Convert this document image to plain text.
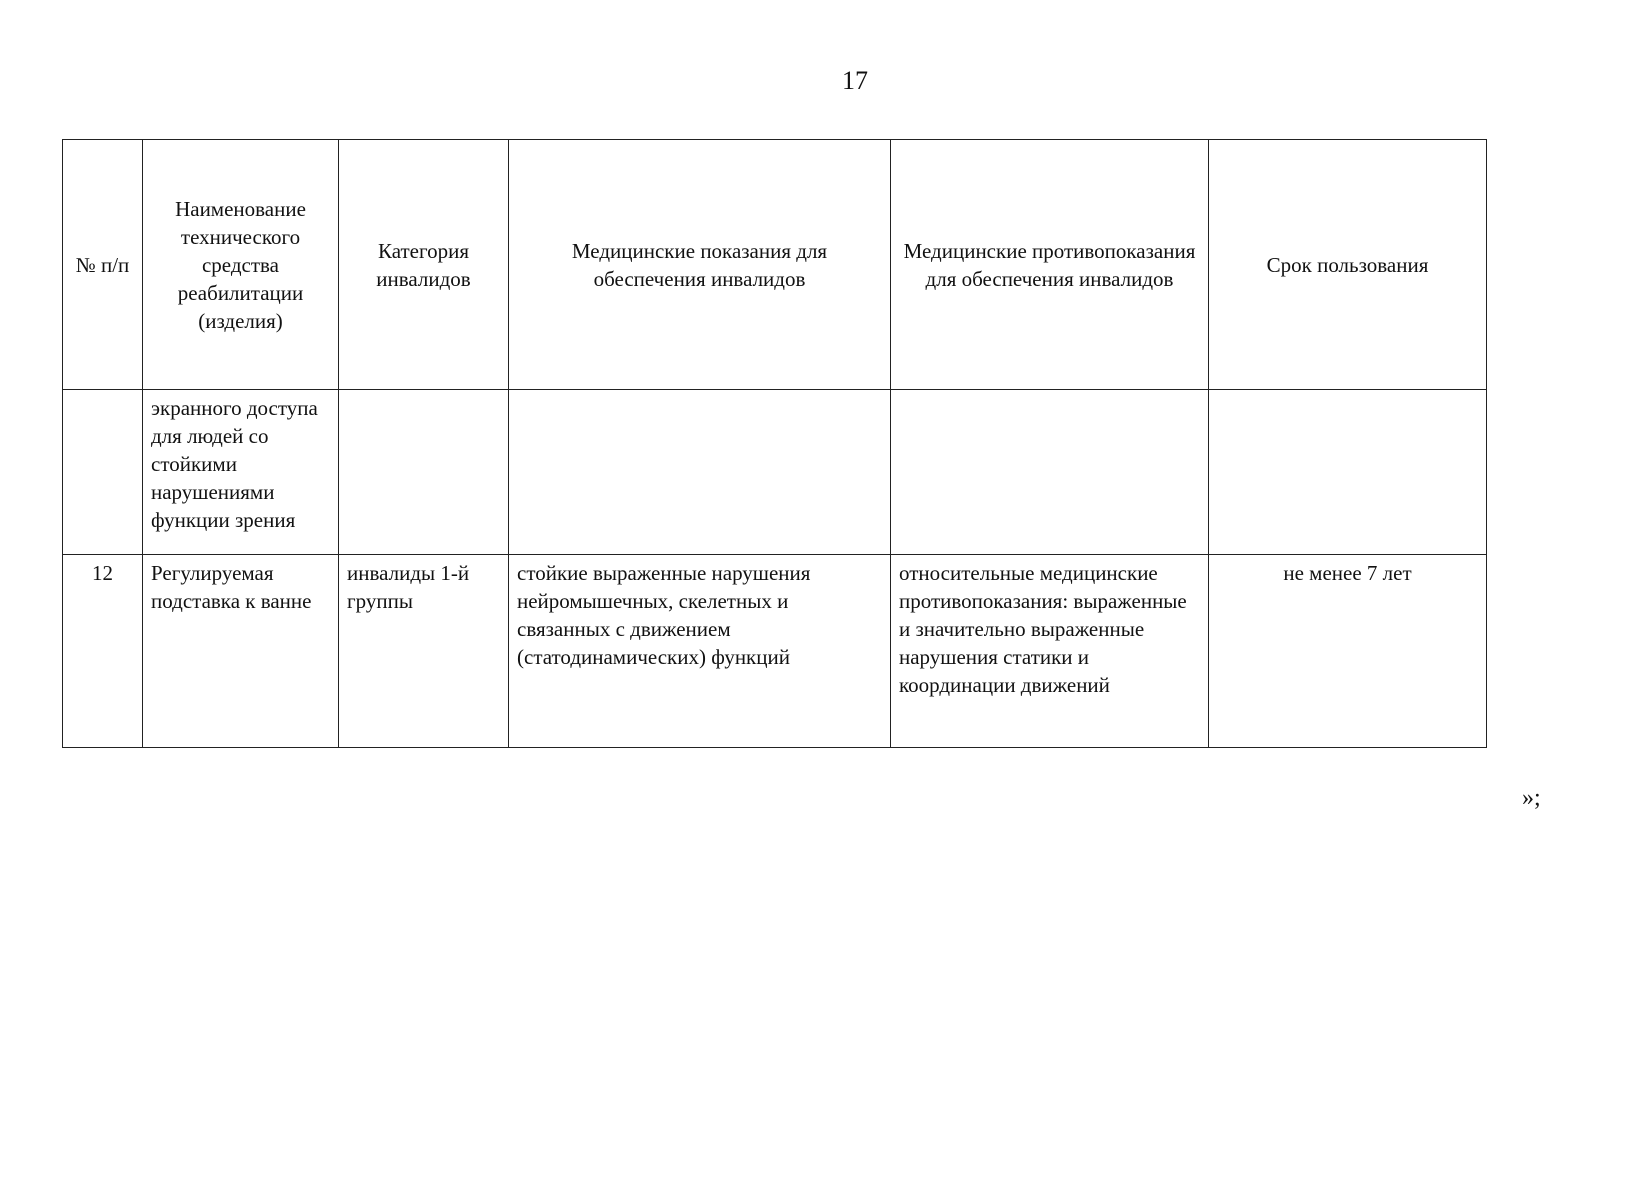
17
№ п/п	Наименование технического средства реабилитации (изделия)	Категория инвалидов	Медицинские показания для обеспечения инвалидов	Медицинские противопоказания для обеспечения инвалидов	Срок пользования
	экранного доступа для людей со стойкими нарушениями функции зрения				
12	Регулируемая подставка к ванне	инвалиды 1-й группы	стойкие выраженные нарушения нейромышечных, скелетных и связанных с движением (статодинамических) функций	относительные медицинские противопоказания: выраженные и значительно выраженные нарушения статики и координации движений	не менее 7 лет
»;
